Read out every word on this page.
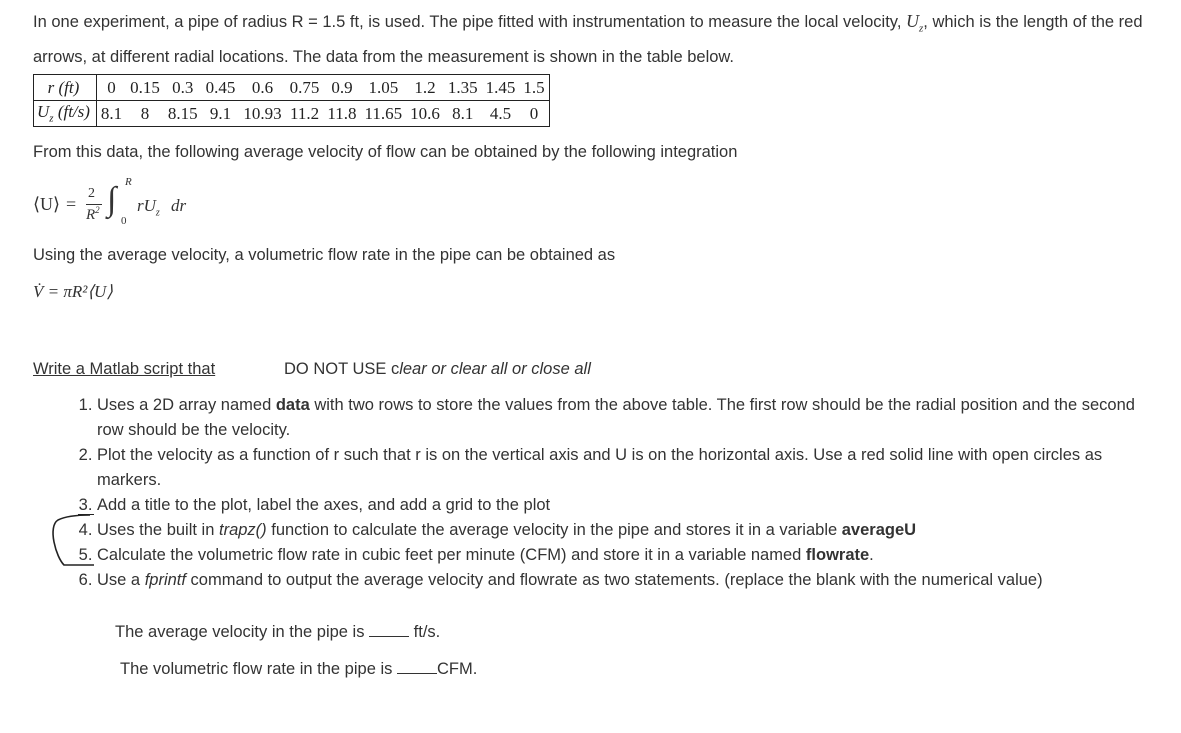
In one experiment, a pipe of radius R = 1.5 ft, is used. The pipe fitted with instrumentation to measure the local velocity, $U_z$, which is the length of the red arrows, at different radial locations. The data from the measurement is shown in the table below.
r (ft)	0	0.15	0.3	0.45	0.6	0.75	0.9	1.05	1.2	1.35	1.45	1.5
$U_z$ (ft/s)	8.1	8	8.15	9.1	10.93	11.2	11.8	11.65	10.6	8.1	4.5	0
From this data, the following average velocity of flow can be obtained by the following integration
⟨U⟩ =
2
$R^2$ ∫ R
0
$rU_z$ dr
Using the average velocity, a volumetric flow rate in the pipe can be obtained as
V̇ = πR²⟨U⟩
Write a Matlab script that	DO NOT USE clear or clear all or close all
1. Uses a 2D array named data with two rows to store the values from the above table. The first row should be the radial position and the second row should be the velocity.
2. Plot the velocity as a function of r such that r is on the vertical axis and U is on the horizontal axis. Use a red solid line with open circles as markers.
3. Add a title to the plot, label the axes, and add a grid to the plot
4. Uses the built in trapz() function to calculate the average velocity in the pipe and stores it in a variable averageU
5. Calculate the volumetric flow rate in cubic feet per minute (CFM) and store it in a variable named flowrate.
6. Use a fprintf command to output the average velocity and flowrate as two statements. (replace the blank with the numerical value)
The average velocity in the pipe is  ft/s.
The volumetric flow rate in the pipe is CFM.
